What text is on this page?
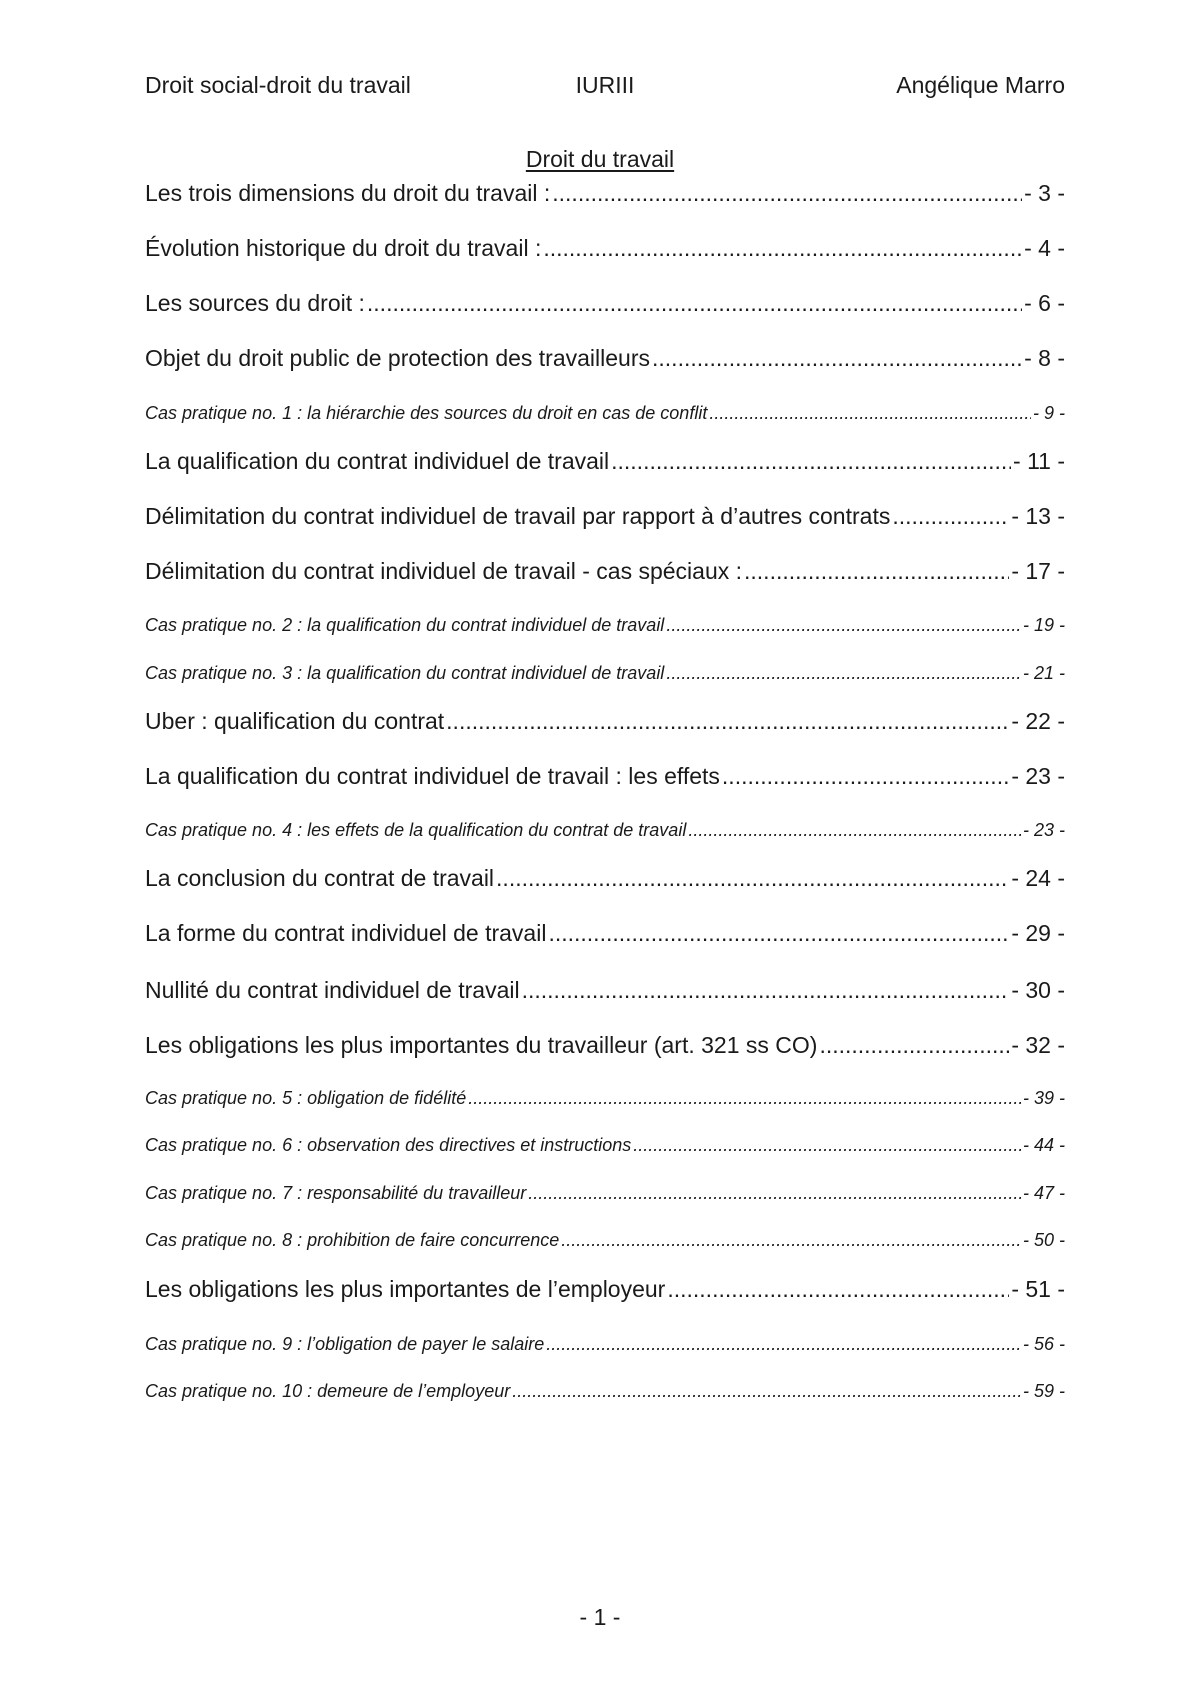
Droit social-droit du travail	IURIII	Angélique Marro
Droit du travail
Les trois dimensions du droit du travail : .....	- 3 -
Évolution historique du droit du travail : .....	- 4 -
Les sources du droit : .....	- 6 -
Objet du droit public de protection des travailleurs .....	- 8 -
Cas pratique no. 1 : la hiérarchie des sources du droit en cas de conflit .....	- 9 -
La qualification du contrat individuel de travail .....	- 11 -
Délimitation du contrat individuel de travail par rapport à d’autres contrats .....	- 13 -
Délimitation du contrat individuel de travail - cas spéciaux : .....	- 17 -
Cas pratique no. 2 : la qualification du contrat individuel de travail .....	- 19 -
Cas pratique no. 3 : la qualification du contrat individuel de travail .....	- 21 -
Uber : qualification du contrat .....	- 22 -
La qualification du contrat individuel de travail : les effets .....	- 23 -
Cas pratique no. 4 : les effets de la qualification du contrat de travail .....	- 23 -
La conclusion du contrat de travail .....	- 24 -
La forme du contrat individuel de travail .....	- 29 -
Nullité du contrat individuel de travail .....	- 30 -
Les obligations les plus importantes du travailleur (art. 321 ss CO) .....	- 32 -
Cas pratique no. 5 : obligation de fidélité .....	- 39 -
Cas pratique no. 6 : observation des directives et instructions .....	- 44 -
Cas pratique no. 7 : responsabilité du travailleur .....	- 47 -
Cas pratique no. 8 : prohibition de faire concurrence .....	- 50 -
Les obligations les plus importantes de l’employeur .....	- 51 -
Cas pratique no. 9 : l’obligation de payer le salaire .....	- 56 -
Cas pratique no. 10 : demeure de l’employeur .....	- 59 -
- 1 -
